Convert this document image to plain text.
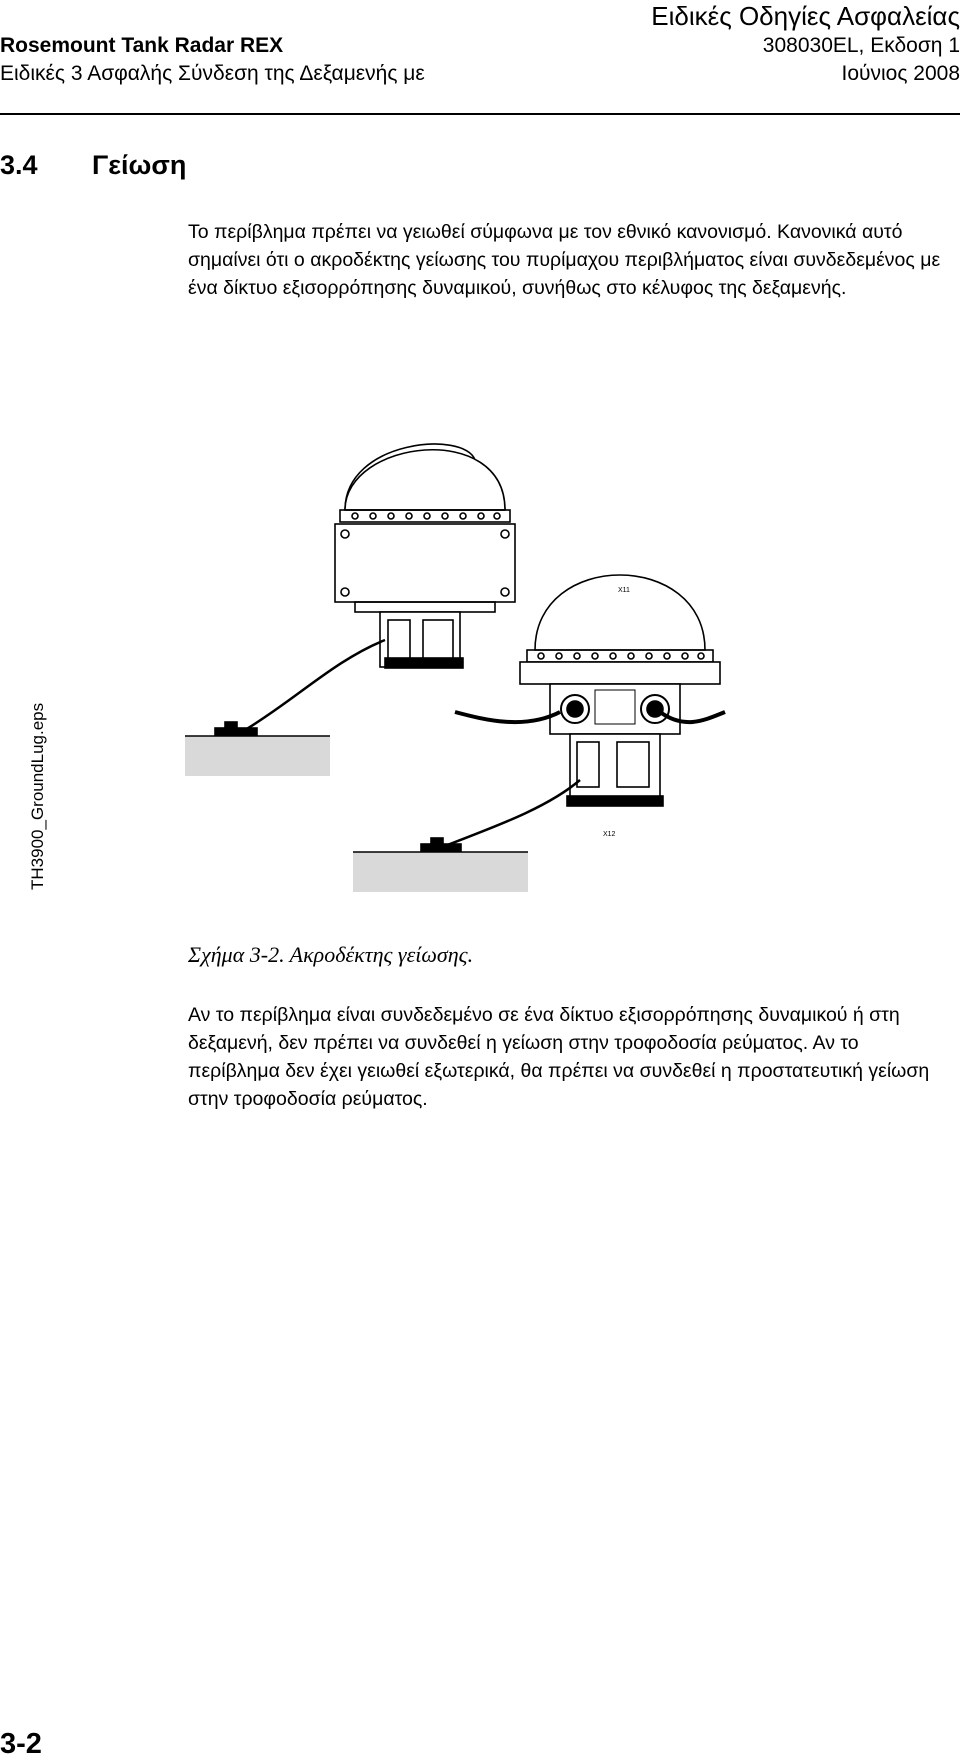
Rosemount Tank Radar REX
Ειδικές 3 Ασφαλής Σύνδεση της Δεξαμενής με
Ειδικές Οδηγίες Ασφαλείας
308030EL, Εκδοση 1
Ιούνιος 2008
3.4 Γείωση
Το περίβλημα πρέπει να γειωθεί σύμφωνα με τον εθνικό κανονισμό. Κανονικά αυτό σημαίνει ότι ο ακροδέκτης γείωσης του πυρίμαχου περιβλήματος είναι συνδεδεμένος με ένα δίκτυο εξισορρόπησης δυναμικού, συνήθως στο κέλυφος της δεξαμενής.
TH3900_GroundLug.eps	X12
X11
Σχήμα 3-2. Ακροδέκτης γείωσης.
Αν το περίβλημα είναι συνδεδεμένο σε ένα δίκτυο εξισορρόπησης δυναμικού ή στη δεξαμενή, δεν πρέπει να συνδεθεί η γείωση στην τροφοδοσία ρεύματος. Αν το περίβλημα δεν έχει γειωθεί εξωτερικά, θα πρέπει να συνδεθεί η προστατευτική γείωση στην τροφοδοσία ρεύματος.
3-2
